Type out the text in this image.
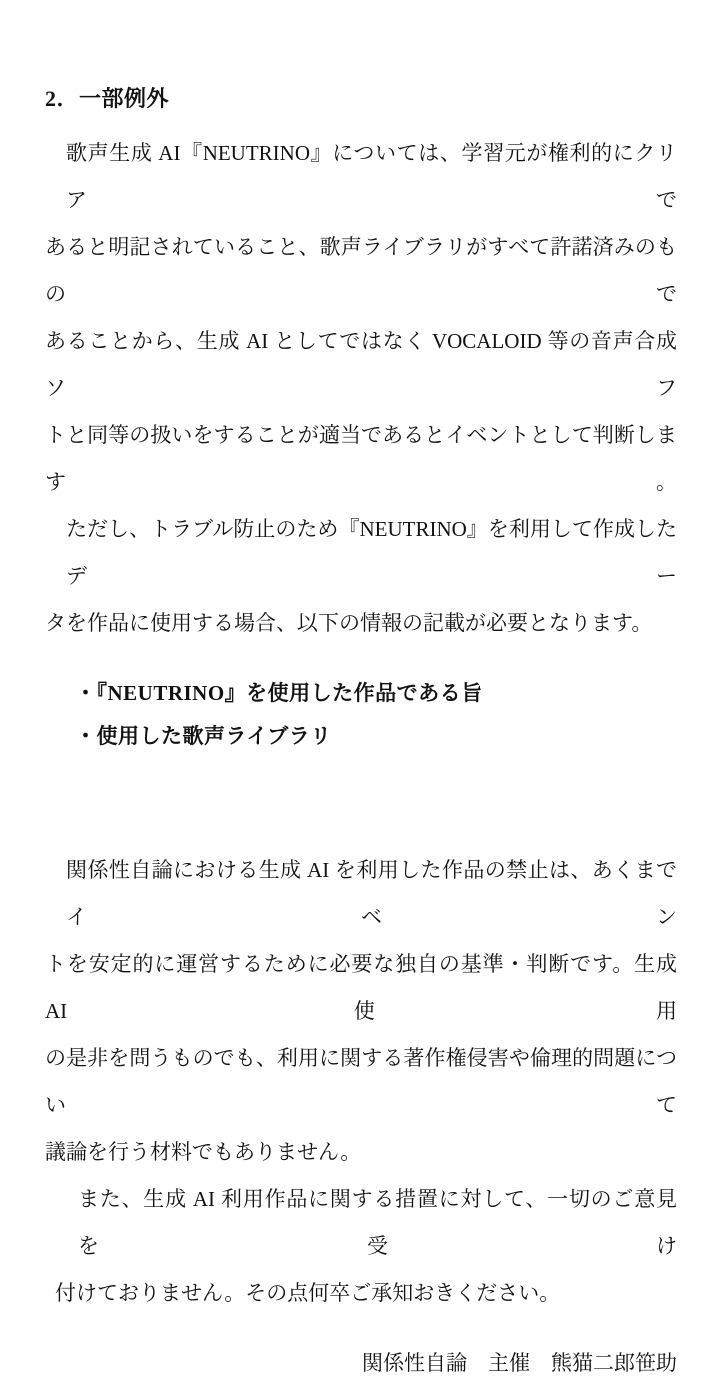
2．一部例外
歌声生成 AI『NEUTRINO』については、学習元が権利的にクリアで
あると明記されていること、歌声ライブラリがすべて許諾済みのもので
あることから、生成 AI としてではなく VOCALOID 等の音声合成ソフ
トと同等の扱いをすることが適当であるとイベントとして判断します。
ただし、トラブル防止のため『NEUTRINO』を利用して作成したデー
タを作品に使用する場合、以下の情報の記載が必要となります。
・『NEUTRINO』を使用した作品である旨
・使用した歌声ライブラリ
関係性自論における生成 AI を利用した作品の禁止は、あくまでイベン
トを安定的に運営するために必要な独自の基準・判断です。生成 AI 使用
の是非を問うものでも、利用に関する著作権侵害や倫理的問題について
議論を行う材料でもありません。
また、生成 AI 利用作品に関する措置に対して、一切のご意見を受け
付けておりません。その点何卒ご承知おきください。
関係性自論　主催　熊猫二郎笹助
